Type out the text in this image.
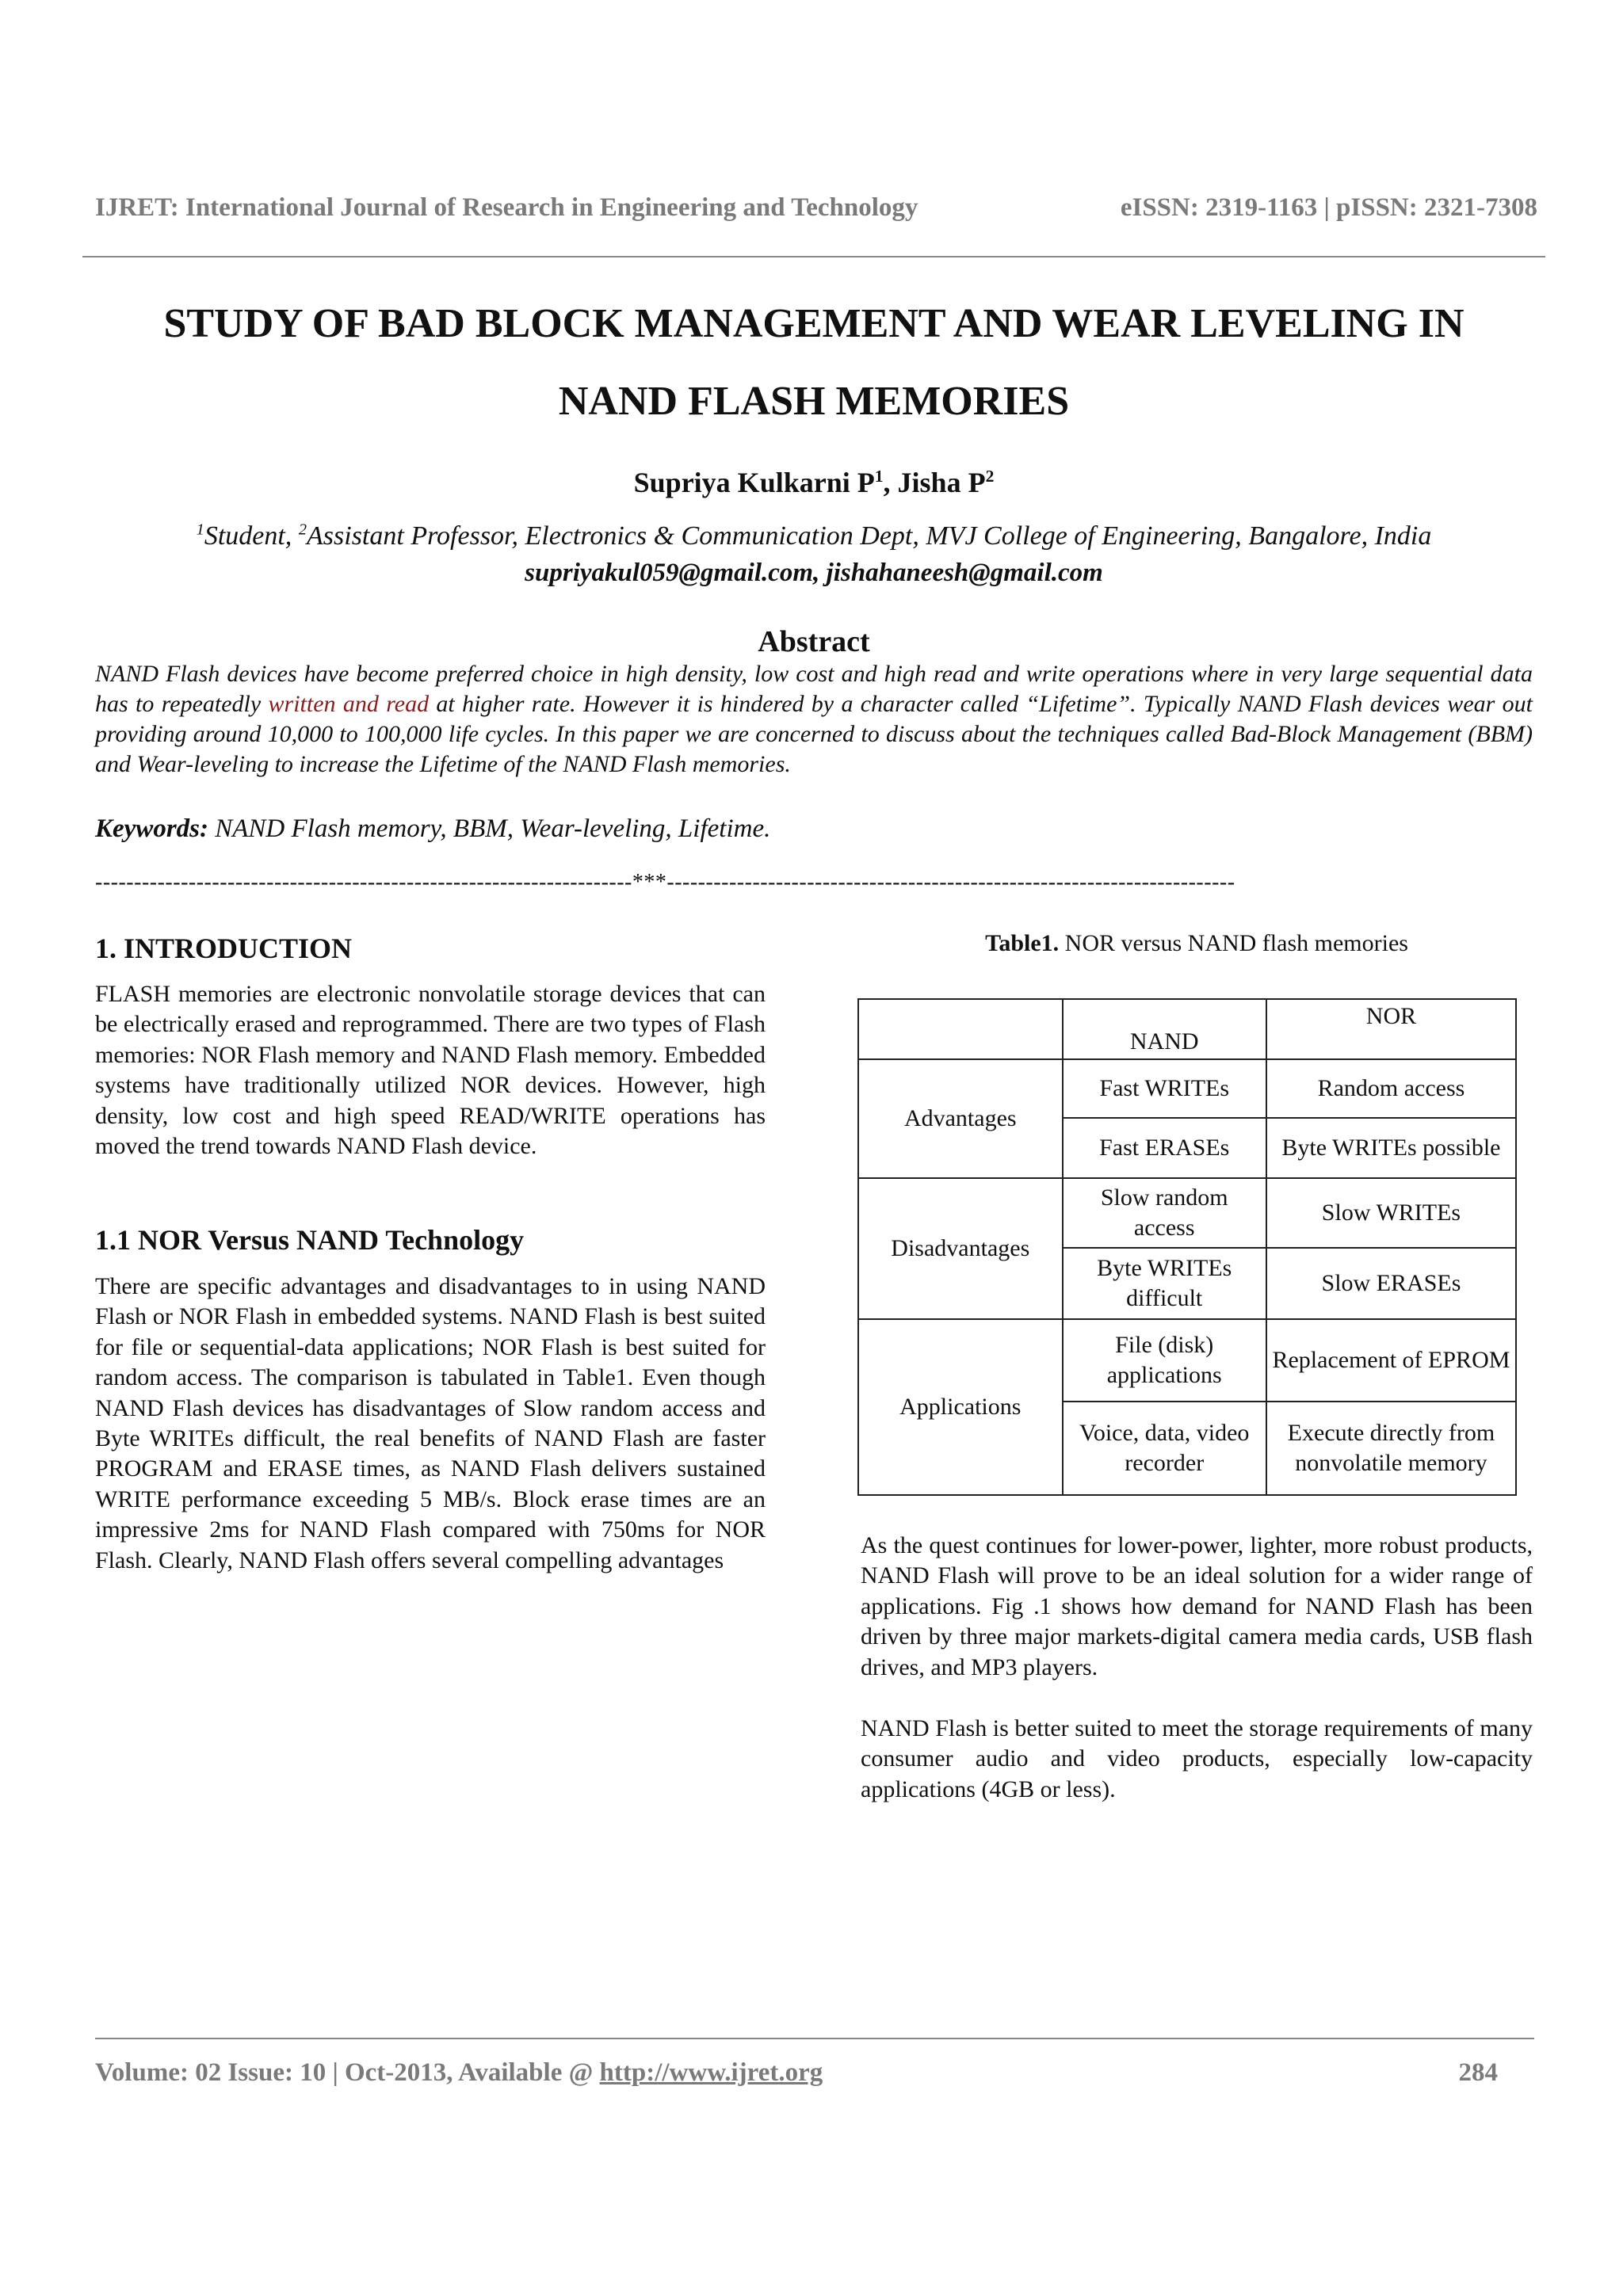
IJRET: International Journal of Research in Engineering and Technology	eISSN: 2319-1163 | pISSN: 2321-7308
STUDY OF BAD BLOCK MANAGEMENT AND WEAR LEVELING IN
NAND FLASH MEMORIES
Supriya Kulkarni $P^1$, Jisha $P^2$
$^1$Student, $^2$Assistant Professor, Electronics & Communication Dept, MVJ College of Engineering, Bangalore, India
supriyakul059@gmail.com, jishahaneesh@gmail.com
Abstract
NAND Flash devices have become preferred choice in high density, low cost and high read and write operations where in very large sequential data has to repeatedly written and read at higher rate. However it is hindered by a character called “Lifetime”. Typically NAND Flash devices wear out providing around 10,000 to 100,000 life cycles. In this paper we are concerned to discuss about the techniques called Bad-Block Management (BBM) and Wear-leveling to increase the Lifetime of the NAND Flash memories.
Keywords: NAND Flash memory, BBM, Wear-leveling, Lifetime.
---------------------------------------------------------------------***-------------------------------------------------------------------------
1. INTRODUCTION
FLASH memories are electronic nonvolatile storage devices that can be electrically erased and reprogrammed. There are two types of Flash memories: NOR Flash memory and NAND Flash memory. Embedded systems have traditionally utilized NOR devices. However, high density, low cost and high speed READ/WRITE operations has moved the trend towards NAND Flash device.
1.1 NOR Versus NAND Technology
There are specific advantages and disadvantages to in using NAND Flash or NOR Flash in embedded systems. NAND Flash is best suited for file or sequential-data applications; NOR Flash is best suited for random access. The comparison is tabulated in Table1. Even though NAND Flash devices has disadvantages of Slow random access and Byte WRITEs difficult, the real benefits of NAND Flash are faster PROGRAM and ERASE times, as NAND Flash delivers sustained WRITE performance exceeding 5 MB/s. Block erase times are an impressive 2ms for NAND Flash compared with 750ms for NOR Flash. Clearly, NAND Flash offers several compelling advantages
Table1. NOR versus NAND flash memories
	NAND	NOR
Advantages	Fast WRITEs	Random access
	Fast ERASEs	Byte WRITEs possible
Disadvantages	Slow random access	Slow WRITEs
	Byte WRITEs difficult	Slow ERASEs
Applications	File (disk) applications	Replacement of EPROM
	Voice, data, video recorder	Execute directly from nonvolatile memory
As the quest continues for lower-power, lighter, more robust products, NAND Flash will prove to be an ideal solution for a wider range of applications. Fig .1 shows how demand for NAND Flash has been driven by three major markets-digital camera media cards, USB flash drives, and MP3 players.
NAND Flash is better suited to meet the storage requirements of many consumer audio and video products, especially low-capacity applications (4GB or less).
Volume: 02 Issue: 10 | Oct-2013, Available @ http://www.ijret.org	284
